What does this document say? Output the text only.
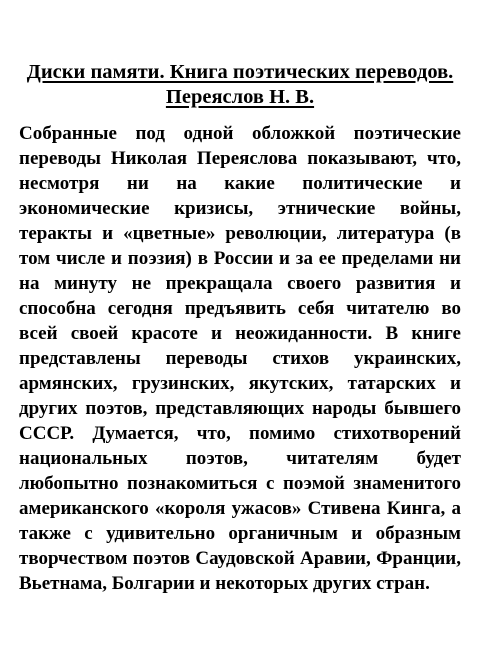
Диски памяти. Книга поэтических переводов.
Переяслов Н. В.

Собранные под одной обложкой поэтические переводы Николая Переяслова показывают, что, несмотря ни на какие политические и экономические кризисы, этнические войны, теракты и «цветные» революции, литература (в том числе и поэзия) в России и за ее пределами ни на минуту не прекращала своего развития и способна сегодня предъявить себя читателю во всей своей красоте и неожиданности. В книге представлены переводы стихов украинских, армянских, грузинских, якутских, татарских и других поэтов, представляющих народы бывшего СССР. Думается, что, помимо стихотворений национальных поэтов, читателям будет любопытно познакомиться с поэмой знаменитого американского «короля ужасов» Стивена Кинга, а также с удивительно органичным и образным творчеством поэтов Саудовской Аравии, Франции, Вьетнама, Болгарии и некоторых других стран.
